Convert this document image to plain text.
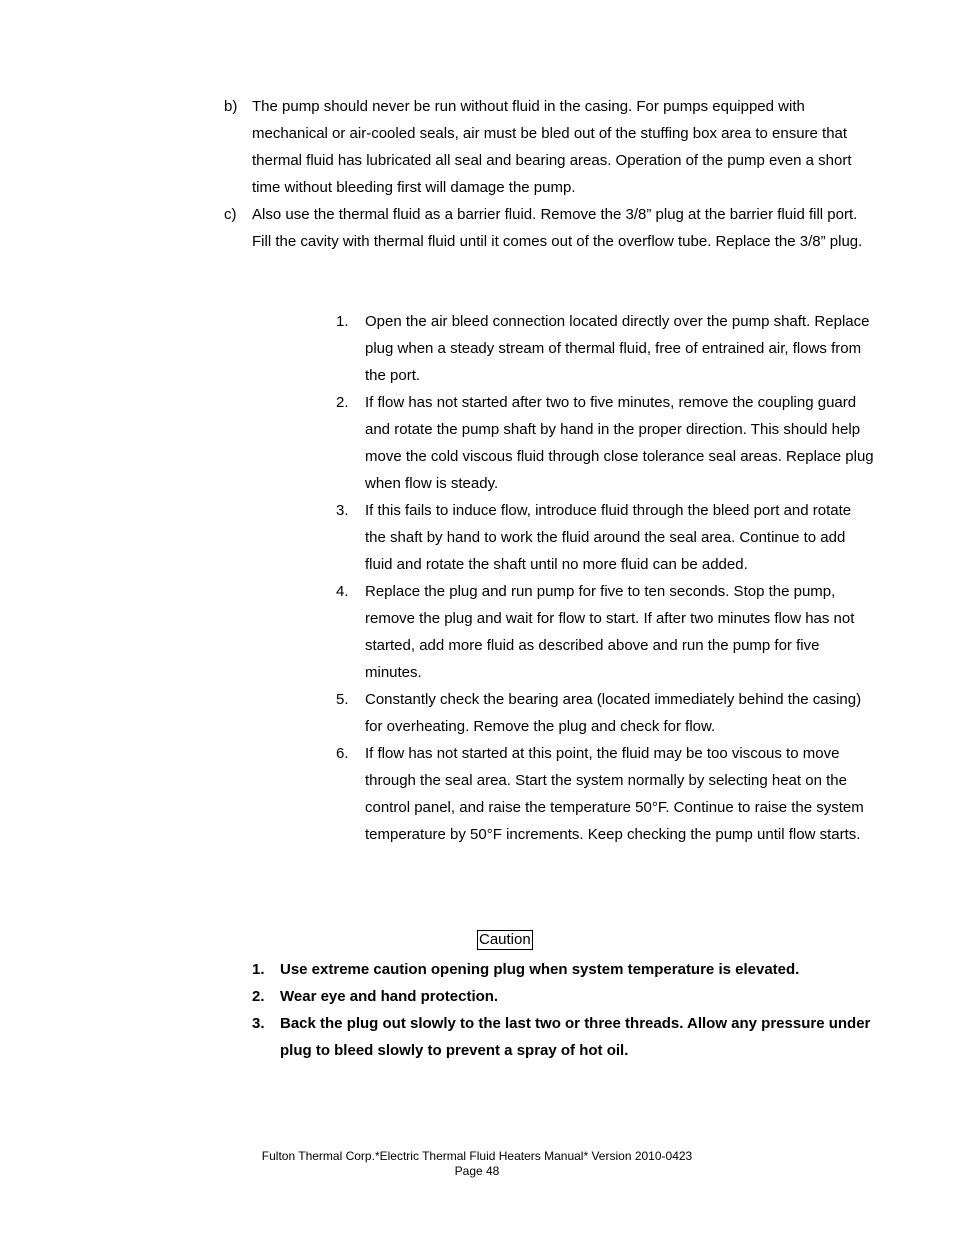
b) The pump should never be run without fluid in the casing. For pumps equipped with mechanical or air-cooled seals, air must be bled out of the stuffing box area to ensure that thermal fluid has lubricated all seal and bearing areas. Operation of the pump even a short time without bleeding first will damage the pump.
c) Also use the thermal fluid as a barrier fluid. Remove the 3/8” plug at the barrier fluid fill port. Fill the cavity with thermal fluid until it comes out of the overflow tube. Replace the 3/8” plug.
1. Open the air bleed connection located directly over the pump shaft. Replace plug when a steady stream of thermal fluid, free of entrained air, flows from the port.
2. If flow has not started after two to five minutes, remove the coupling guard and rotate the pump shaft by hand in the proper direction. This should help move the cold viscous fluid through close tolerance seal areas. Replace plug when flow is steady.
3. If this fails to induce flow, introduce fluid through the bleed port and rotate the shaft by hand to work the fluid around the seal area. Continue to add fluid and rotate the shaft until no more fluid can be added.
4. Replace the plug and run pump for five to ten seconds. Stop the pump, remove the plug and wait for flow to start. If after two minutes flow has not started, add more fluid as described above and run the pump for five minutes.
5. Constantly check the bearing area (located immediately behind the casing) for overheating. Remove the plug and check for flow.
6. If flow has not started at this point, the fluid may be too viscous to move through the seal area. Start the system normally by selecting heat on the control panel, and raise the temperature 50°F. Continue to raise the system temperature by 50°F increments. Keep checking the pump until flow starts.
Caution
1. Use extreme caution opening plug when system temperature is elevated.
2. Wear eye and hand protection.
3. Back the plug out slowly to the last two or three threads. Allow any pressure under plug to bleed slowly to prevent a spray of hot oil.
Fulton Thermal Corp.*Electric Thermal Fluid Heaters Manual* Version 2010-0423
Page 48
